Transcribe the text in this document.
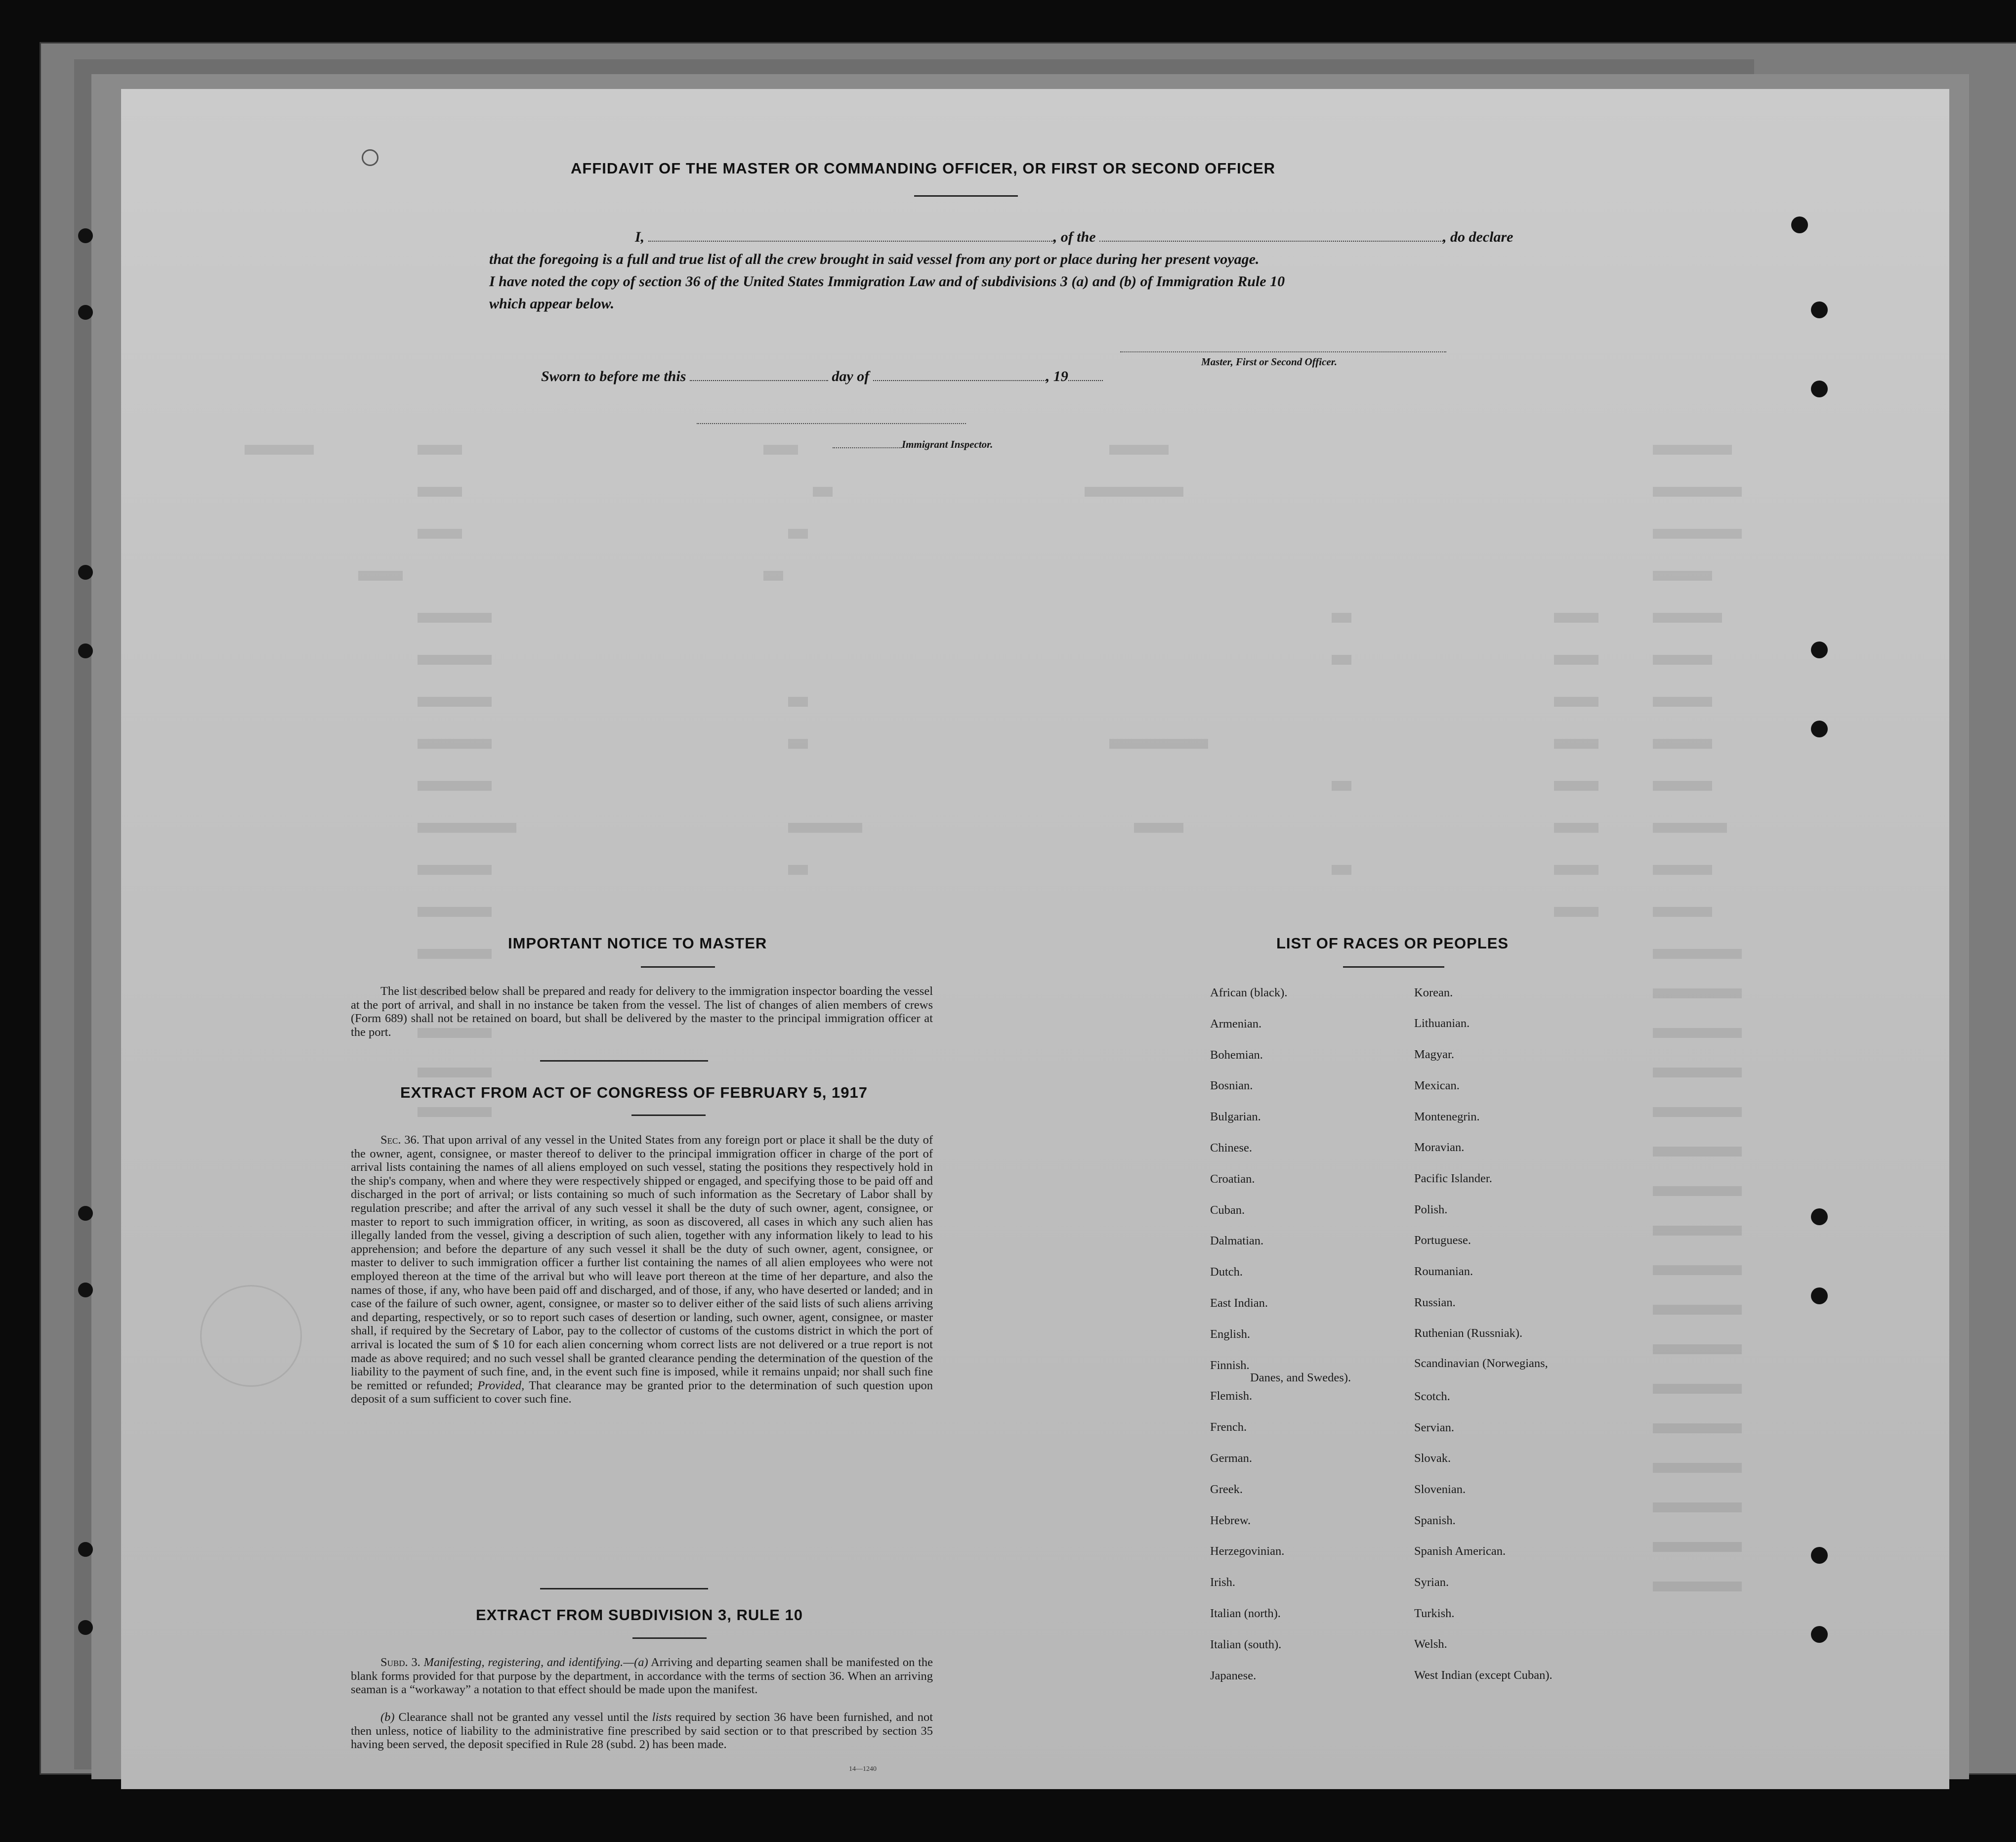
AFFIDAVIT OF THE MASTER OR COMMANDING OFFICER, OR FIRST OR SECOND OFFICER
I,	, of the	, do declare
that the foregoing is a full and true list of all the crew brought in said vessel from any port or place during her present voyage.
I have noted the copy of section 36 of the United States Immigration Law and of subdivisions 3 (a) and (b) of Immigration Rule 10
which appear below.
Master, First or Second Officer.
Sworn to before me this	day of	, 19
Immigrant Inspector.
IMPORTANT NOTICE TO MASTER
The list described below shall be prepared and ready for delivery to the immigration inspector boarding the vessel at the port of arrival, and shall in no instance be taken from the vessel. The list of changes of alien members of crews (Form 689) shall not be retained on board, but shall be delivered by the master to the principal immigration officer at the port.
EXTRACT FROM ACT OF CONGRESS OF FEBRUARY 5, 1917
Sec. 36. That upon arrival of any vessel in the United States from any foreign port or place it shall be the duty of the owner, agent, consignee, or master thereof to deliver to the principal immigration officer in charge of the port of arrival lists containing the names of all aliens employed on such vessel, stating the positions they respectively hold in the ship's company, when and where they were respectively shipped or engaged, and specifying those to be paid off and discharged in the port of arrival; or lists containing so much of such information as the Secretary of Labor shall by regulation prescribe; and after the arrival of any such vessel it shall be the duty of such owner, agent, consignee, or master to report to such immigration officer, in writing, as soon as discovered, all cases in which any such alien has illegally landed from the vessel, giving a description of such alien, together with any information likely to lead to his apprehension; and before the departure of any such vessel it shall be the duty of such owner, agent, consignee, or master to deliver to such immigration officer a further list containing the names of all alien employees who were not employed thereon at the time of the arrival but who will leave port thereon at the time of her departure, and also the names of those, if any, who have been paid off and discharged, and of those, if any, who have deserted or landed; and in case of the failure of such owner, agent, consignee, or master so to deliver either of the said lists of such aliens arriving and departing, respectively, or so to report such cases of desertion or landing, such owner, agent, consignee, or master shall, if required by the Secretary of Labor, pay to the collector of customs of the customs district in which the port of arrival is located the sum of $ 10 for each alien concerning whom correct lists are not delivered or a true report is not made as above required; and no such vessel shall be granted clearance pending the determination of the question of the liability to the payment of such fine, and, in the event such fine is imposed, while it remains unpaid; nor shall such fine be remitted or refunded; Provided, That clearance may be granted prior to the determination of such question upon deposit of a sum sufficient to cover such fine.
EXTRACT FROM SUBDIVISION 3, RULE 10
Subd. 3. Manifesting, registering, and identifying.—(a) Arriving and departing seamen shall be manifested on the blank forms provided for that purpose by the department, in accordance with the terms of section 36. When an arriving seaman is a “workaway” a notation to that effect should be made upon the manifest.
(b) Clearance shall not be granted any vessel until the lists required by section 36 have been furnished, and not then unless, notice of liability to the administrative fine prescribed by said section or to that prescribed by section 35 having been served, the deposit specified in Rule 28 (subd. 2) has been made.
14—1240
LIST OF RACES OR PEOPLES
African (black).
Armenian.
Bohemian.
Bosnian.
Bulgarian.
Chinese.
Croatian.
Cuban.
Dalmatian.
Dutch.
East Indian.
English.
Finnish.
Flemish.
French.
German.
Greek.
Hebrew.
Herzegovinian.
Irish.
Italian (north).
Italian (south).
Japanese.
Korean.
Lithuanian.
Magyar.
Mexican.
Montenegrin.
Moravian.
Pacific Islander.
Polish.
Portuguese.
Roumanian.
Russian.
Ruthenian (Russniak).
Scandinavian (Norwegians,
Danes, and Swedes).
Scotch.
Servian.
Slovak.
Slovenian.
Spanish.
Spanish American.
Syrian.
Turkish.
Welsh.
West Indian (except Cuban).
